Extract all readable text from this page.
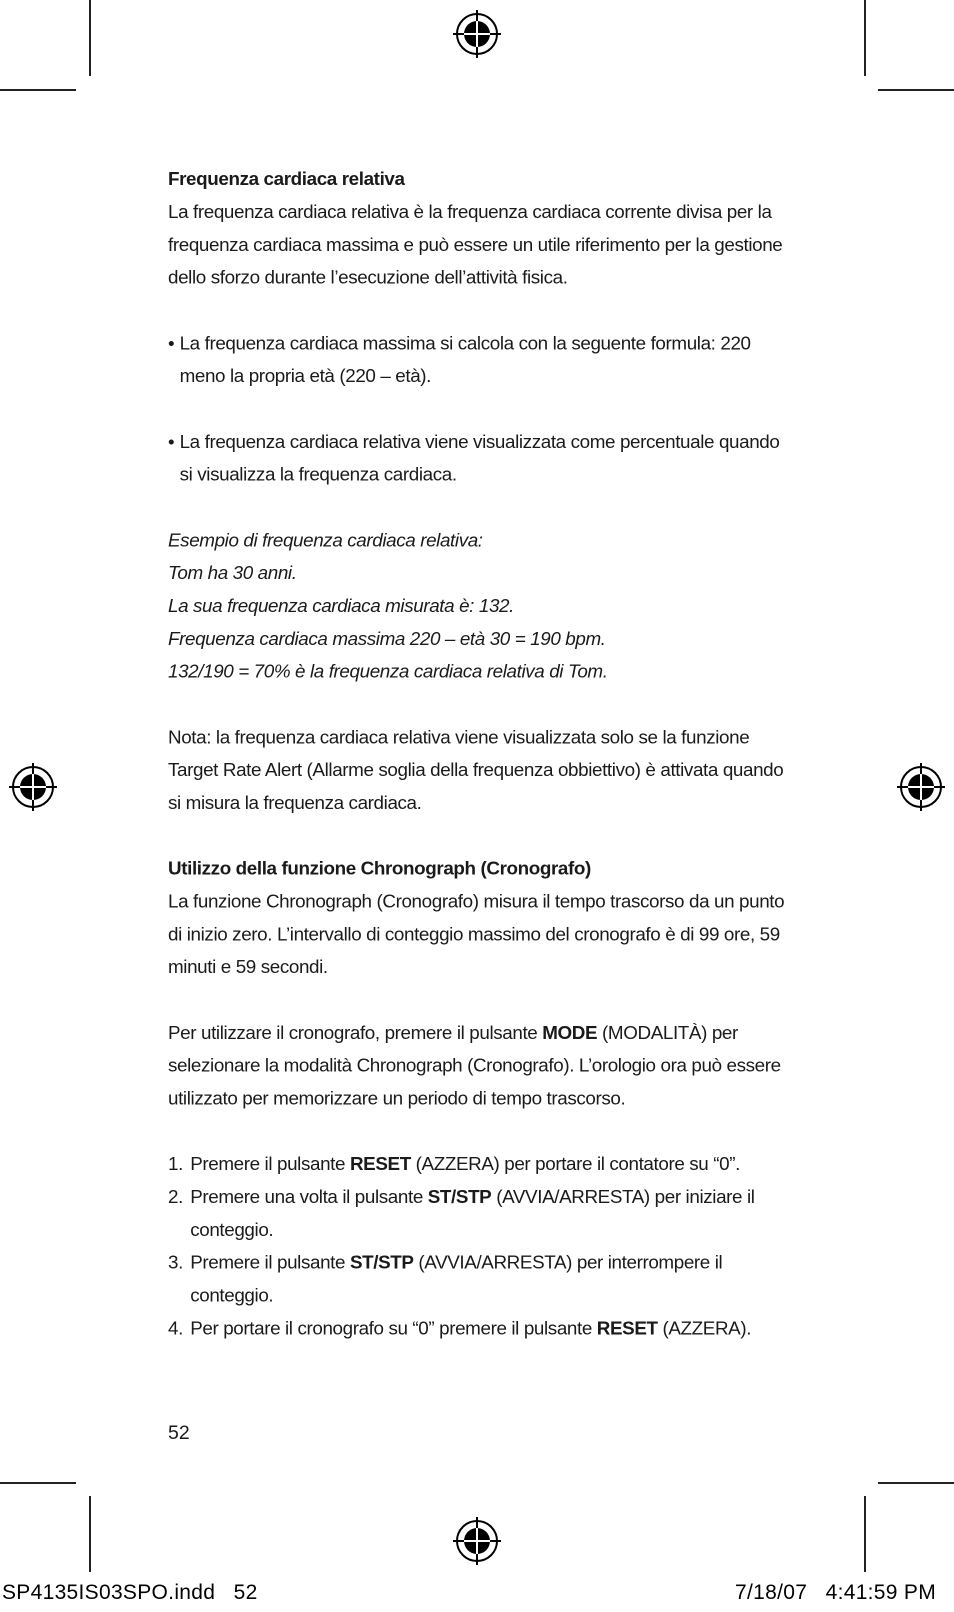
Frequenza cardiaca relativa

La frequenza cardiaca relativa è la frequenza cardiaca corrente divisa per la frequenza cardiaca massima e può essere un utile riferimento per la gestione dello sforzo durante l’esecuzione dell’attività fisica.

• La frequenza cardiaca massima si calcola con la seguente formula: 220 meno la propria età (220 – età).
• La frequenza cardiaca relativa viene visualizzata come percentuale quando si visualizza la frequenza cardiaca.

Esempio di frequenza cardiaca relativa:

Tom ha 30 anni.

La sua frequenza cardiaca misurata è: 132.

Frequenza cardiaca massima 220 – età 30 = 190 bpm.

132/190 = 70% è la frequenza cardiaca relativa di Tom.

Nota: la frequenza cardiaca relativa viene visualizzata solo se la funzione Target Rate Alert (Allarme soglia della frequenza obbiettivo) è attivata quando si misura la frequenza cardiaca.

Utilizzo della funzione Chronograph (Cronografo)

La funzione Chronograph (Cronografo) misura il tempo trascorso da un punto di inizio zero. L’intervallo di conteggio massimo del cronografo è di 99 ore, 59 minuti e 59 secondi.

Per utilizzare il cronografo, premere il pulsante MODE (MODALITÀ) per selezionare la modalità Chronograph (Cronografo). L’orologio ora può essere utilizzato per memorizzare un periodo di tempo trascorso.

1. Premere il pulsante RESET (AZZERA) per portare il contatore su “0”.
2. Premere una volta il pulsante ST/STP (AVVIA/ARRESTA) per iniziare il conteggio.
3. Premere il pulsante ST/STP (AVVIA/ARRESTA) per interrompere il conteggio.
4. Per portare il cronografo su “0” premere il pulsante RESET (AZZERA).
52
SP4135IS03SPO.indd   52	7/18/07   4:41:59 PM
